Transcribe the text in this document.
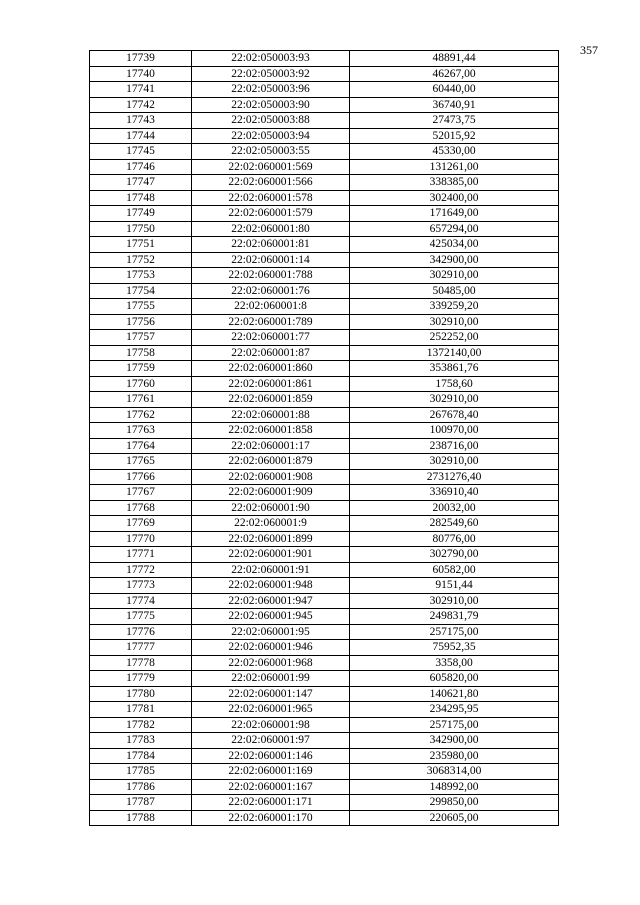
357
17739	22:02:050003:93	48891,44
17740	22:02:050003:92	46267,00
17741	22:02:050003:96	60440,00
17742	22:02:050003:90	36740,91
17743	22:02:050003:88	27473,75
17744	22:02:050003:94	52015,92
17745	22:02:050003:55	45330,00
17746	22:02:060001:569	131261,00
17747	22:02:060001:566	338385,00
17748	22:02:060001:578	302400,00
17749	22:02:060001:579	171649,00
17750	22:02:060001:80	657294,00
17751	22:02:060001:81	425034,00
17752	22:02:060001:14	342900,00
17753	22:02:060001:788	302910,00
17754	22:02:060001:76	50485,00
17755	22:02:060001:8	339259,20
17756	22:02:060001:789	302910,00
17757	22:02:060001:77	252252,00
17758	22:02:060001:87	1372140,00
17759	22:02:060001:860	353861,76
17760	22:02:060001:861	1758,60
17761	22:02:060001:859	302910,00
17762	22:02:060001:88	267678,40
17763	22:02:060001:858	100970,00
17764	22:02:060001:17	238716,00
17765	22:02:060001:879	302910,00
17766	22:02:060001:908	2731276,40
17767	22:02:060001:909	336910,40
17768	22:02:060001:90	20032,00
17769	22:02:060001:9	282549,60
17770	22:02:060001:899	80776,00
17771	22:02:060001:901	302790,00
17772	22:02:060001:91	60582,00
17773	22:02:060001:948	9151,44
17774	22:02:060001:947	302910,00
17775	22:02:060001:945	249831,79
17776	22:02:060001:95	257175,00
17777	22:02:060001:946	75952,35
17778	22:02:060001:968	3358,00
17779	22:02:060001:99	605820,00
17780	22:02:060001:147	140621,80
17781	22:02:060001:965	234295,95
17782	22:02:060001:98	257175,00
17783	22:02:060001:97	342900,00
17784	22:02:060001:146	235980,00
17785	22:02:060001:169	3068314,00
17786	22:02:060001:167	148992,00
17787	22:02:060001:171	299850,00
17788	22:02:060001:170	220605,00
